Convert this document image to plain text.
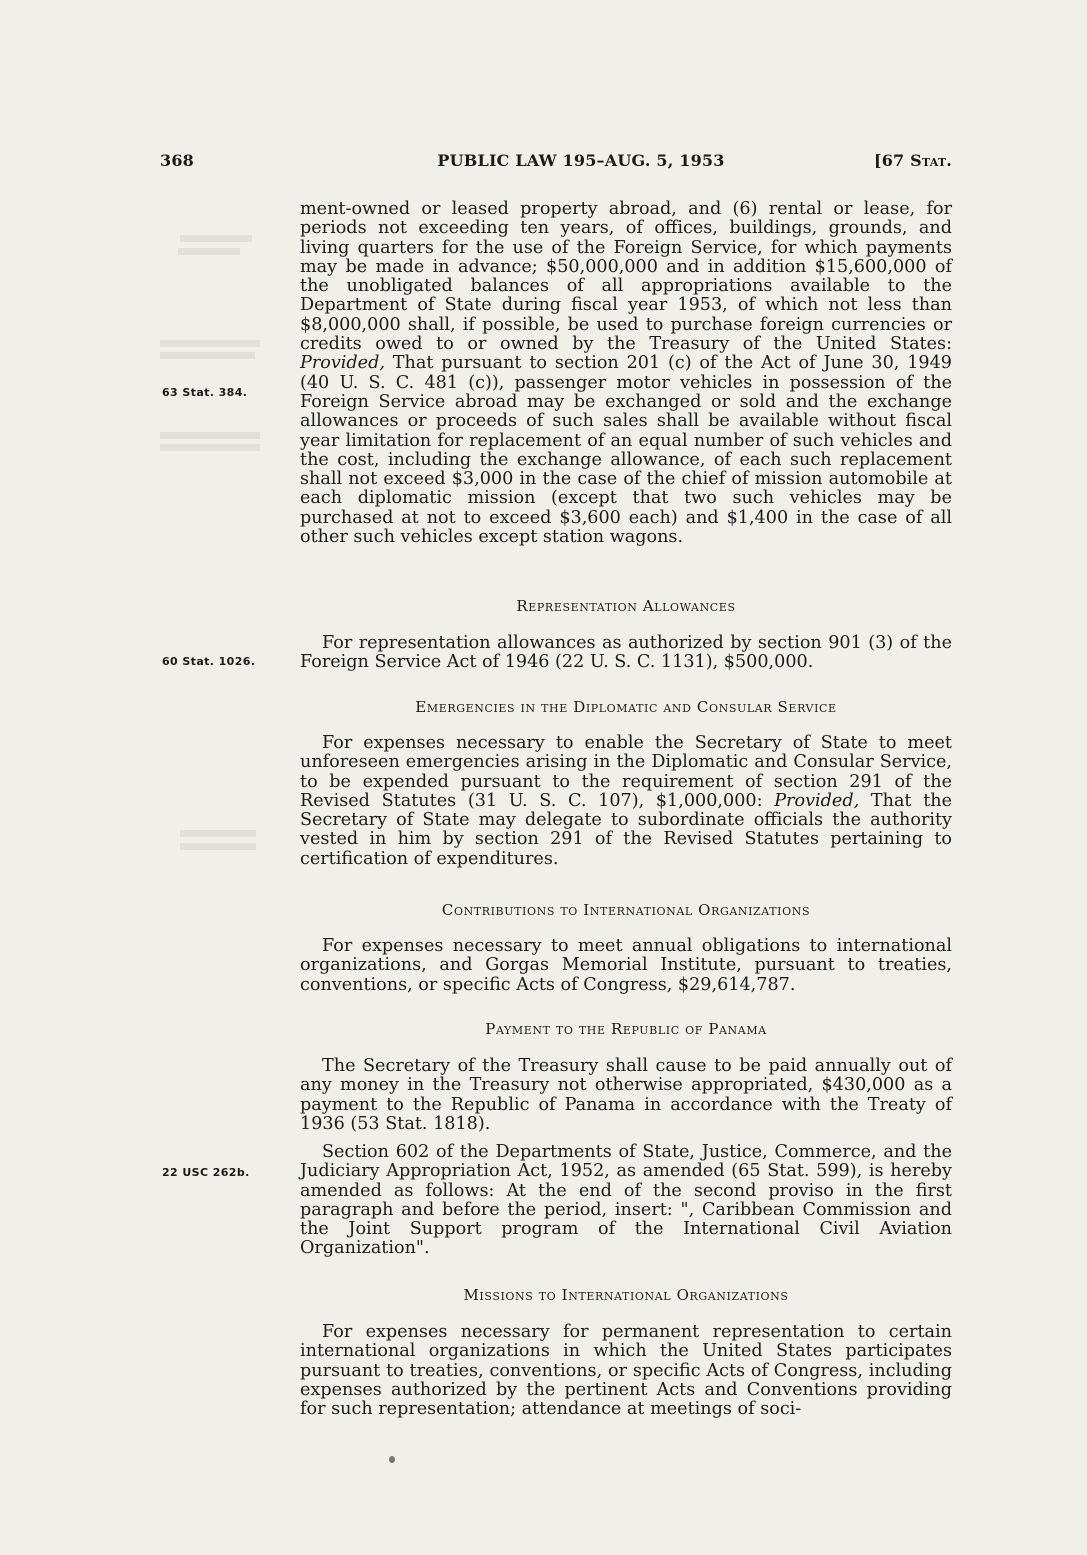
368	PUBLIC LAW 195–AUG. 5, 1953	[67 Stat.
63 Stat. 384.
60 Stat. 1026.
22 USC 262b.

ment-owned or leased property abroad, and (6) rental or lease, for periods not exceeding ten years, of offices, buildings, grounds, and living quarters for the use of the Foreign Service, for which payments may be made in advance; $50,000,000 and in addition $15,600,000 of the unobligated balances of all appropriations available to the Department of State during fiscal year 1953, of which not less than $8,000,000 shall, if possible, be used to purchase foreign currencies or credits owed to or owned by the Treasury of the United States: Provided, That pursuant to section 201 (c) of the Act of June 30, 1949 (40 U. S. C. 481 (c)), passenger motor vehicles in possession of the Foreign Service abroad may be exchanged or sold and the exchange allowances or proceeds of such sales shall be available without fiscal year limitation for replacement of an equal number of such vehicles and the cost, including the exchange allowance, of each such replacement shall not exceed $3,000 in the case of the chief of mission automobile at each diplomatic mission (except that two such vehicles may be purchased at not to exceed $3,600 each) and $1,400 in the case of all other such vehicles except station wagons.

Representation Allowances

For representation allowances as authorized by section 901 (3) of the Foreign Service Act of 1946 (22 U. S. C. 1131), $500,000.

Emergencies in the Diplomatic and Consular Service

For expenses necessary to enable the Secretary of State to meet unforeseen emergencies arising in the Diplomatic and Consular Service, to be expended pursuant to the requirement of section 291 of the Revised Statutes (31 U. S. C. 107), $1,000,000: Provided, That the Secretary of State may delegate to subordinate officials the authority vested in him by section 291 of the Revised Statutes pertaining to certification of expenditures.

Contributions to International Organizations

For expenses necessary to meet annual obligations to international organizations, and Gorgas Memorial Institute, pursuant to treaties, conventions, or specific Acts of Congress, $29,614,787.

Payment to the Republic of Panama

The Secretary of the Treasury shall cause to be paid annually out of any money in the Treasury not otherwise appropriated, $430,000 as a payment to the Republic of Panama in accordance with the Treaty of 1936 (53 Stat. 1818).

Section 602 of the Departments of State, Justice, Commerce, and the Judiciary Appropriation Act, 1952, as amended (65 Stat. 599), is hereby amended as follows: At the end of the second proviso in the first paragraph and before the period, insert: ", Caribbean Commission and the Joint Support program of the International Civil Aviation Organization".

Missions to International Organizations

For expenses necessary for permanent representation to certain international organizations in which the United States participates pursuant to treaties, conventions, or specific Acts of Congress, including expenses authorized by the pertinent Acts and Conventions providing for such representation; attendance at meetings of soci-
